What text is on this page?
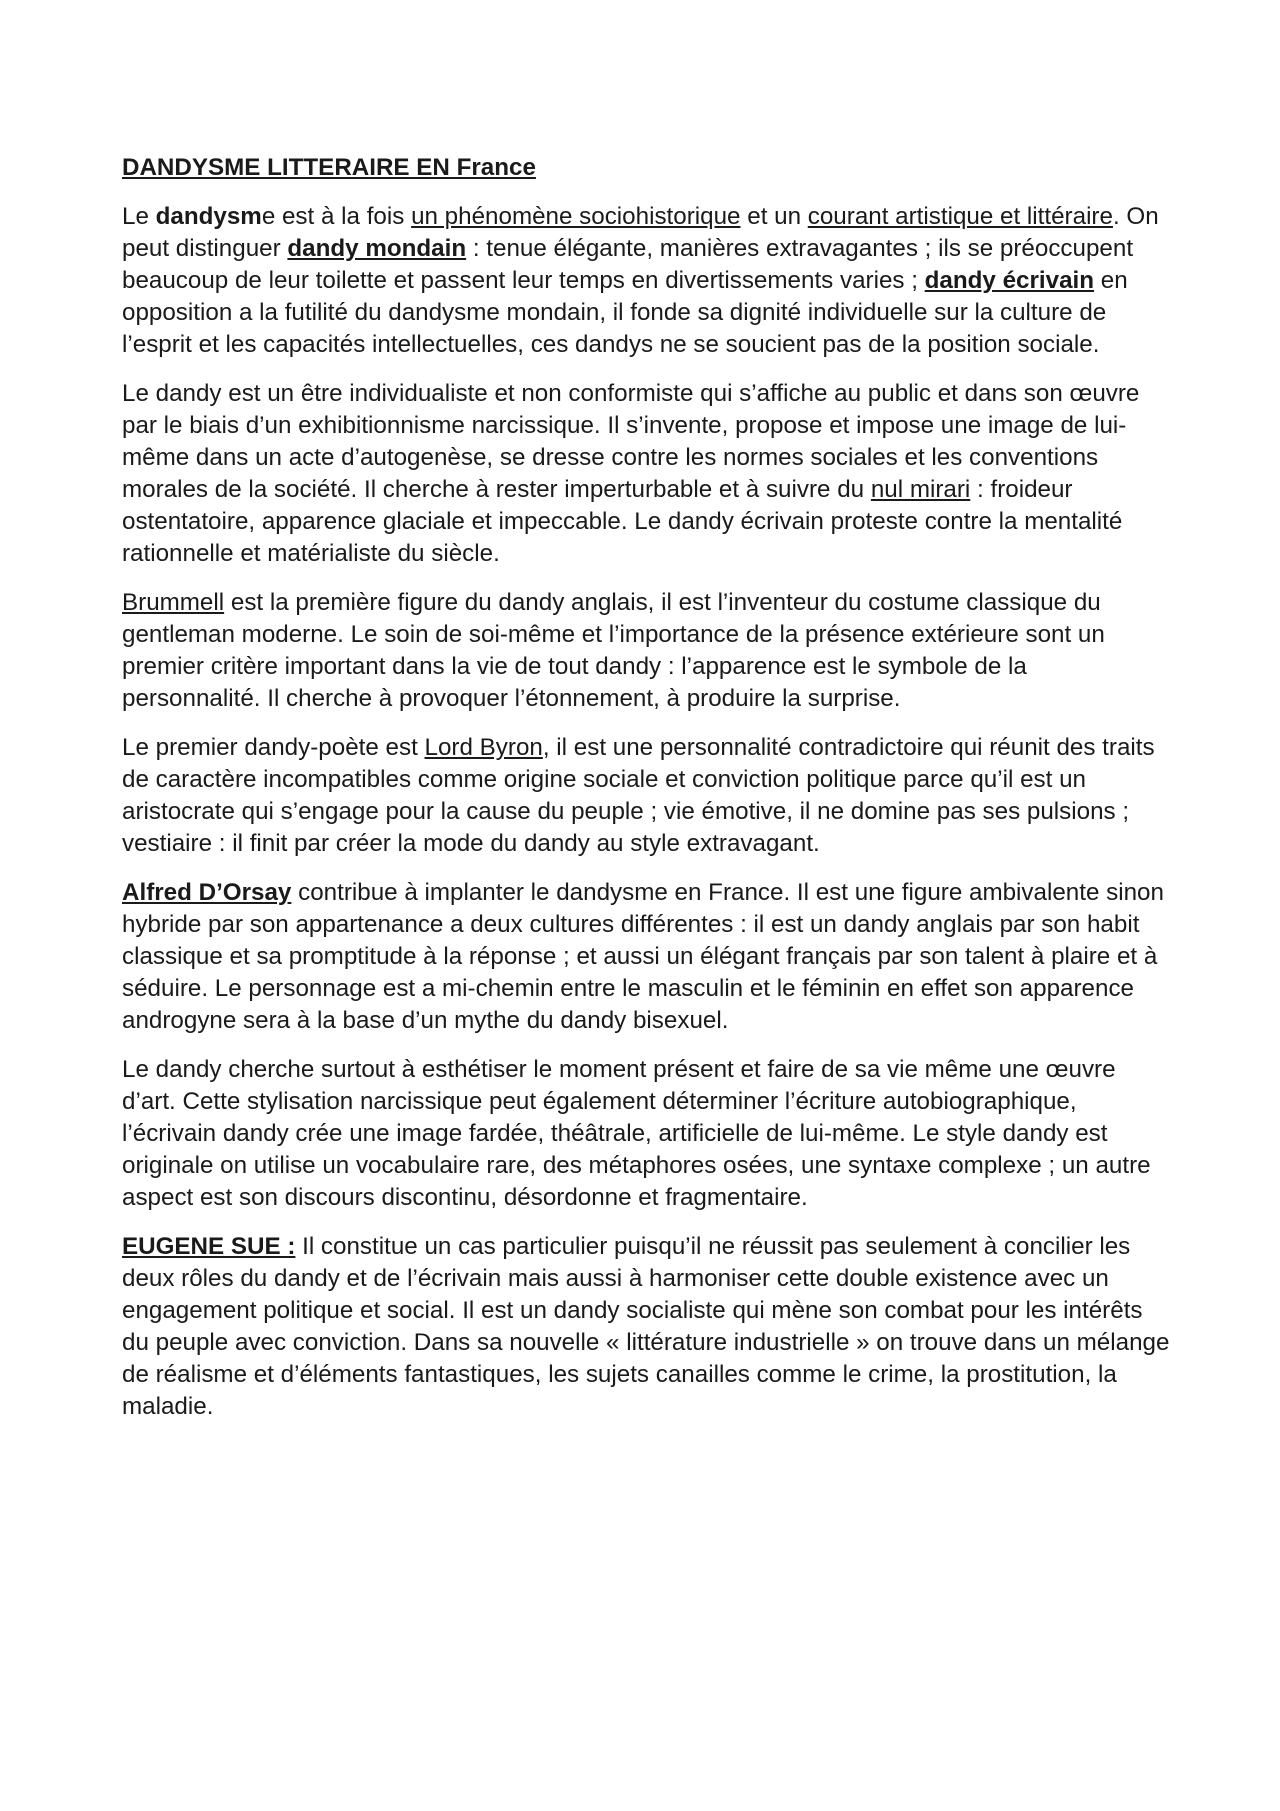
DANDYSME LITTERAIRE EN France
Le dandysme est à la fois un phénomène sociohistorique et un courant artistique et littéraire. On peut distinguer dandy mondain : tenue élégante, manières extravagantes ; ils se préoccupent beaucoup de leur toilette et passent leur temps en divertissements varies ; dandy écrivain en opposition a la futilité du dandysme mondain, il fonde sa dignité individuelle sur la culture de l’esprit et les capacités intellectuelles, ces dandys ne se soucient pas de la position sociale.
Le dandy est un être individualiste et non conformiste qui s’affiche au public et dans son œuvre par le biais d’un exhibitionnisme narcissique. Il s’invente, propose et impose une image de lui-même dans un acte d’autogenèse, se dresse contre les normes sociales et les conventions morales de la société. Il cherche à rester imperturbable et à suivre du nul mirari : froideur ostentatoire, apparence glaciale et impeccable. Le dandy écrivain proteste contre la mentalité rationnelle et matérialiste du siècle.
Brummell est la première figure du dandy anglais, il est l’inventeur du costume classique du gentleman moderne. Le soin de soi-même et l’importance de la présence extérieure sont un premier critère important dans la vie de tout dandy : l’apparence est le symbole de la personnalité. Il cherche à provoquer l’étonnement, à produire la surprise.
Le premier dandy-poète est Lord Byron, il est une personnalité contradictoire qui réunit des traits de caractère incompatibles comme origine sociale et conviction politique parce qu’il est un aristocrate qui s’engage pour la cause du peuple ; vie émotive, il ne domine pas ses pulsions ; vestiaire : il finit par créer la mode du dandy au style extravagant.
Alfred D’Orsay contribue à implanter le dandysme en France. Il est une figure ambivalente sinon hybride par son appartenance a deux cultures différentes : il est un dandy anglais par son habit classique et sa promptitude à la réponse ; et aussi un élégant français par son talent à plaire et à séduire. Le personnage est a mi-chemin entre le masculin et le féminin en effet son apparence androgyne sera à la base d’un mythe du dandy bisexuel.
Le dandy cherche surtout à esthétiser le moment présent et faire de sa vie même une œuvre d’art. Cette stylisation narcissique peut également déterminer l’écriture autobiographique, l’écrivain dandy crée une image fardée, théâtrale, artificielle de lui-même. Le style dandy est originale on utilise un vocabulaire rare, des métaphores osées, une syntaxe complexe ; un autre aspect est son discours discontinu, désordonne et fragmentaire.
EUGENE SUE : Il constitue un cas particulier puisqu’il ne réussit pas seulement à concilier les deux rôles du dandy et de l’écrivain mais aussi à harmoniser cette double existence avec un engagement politique et social. Il est un dandy socialiste qui mène son combat pour les intérêts du peuple avec conviction. Dans sa nouvelle « littérature industrielle » on trouve dans un mélange de réalisme et d’éléments fantastiques, les sujets canailles comme le crime, la prostitution, la maladie.
